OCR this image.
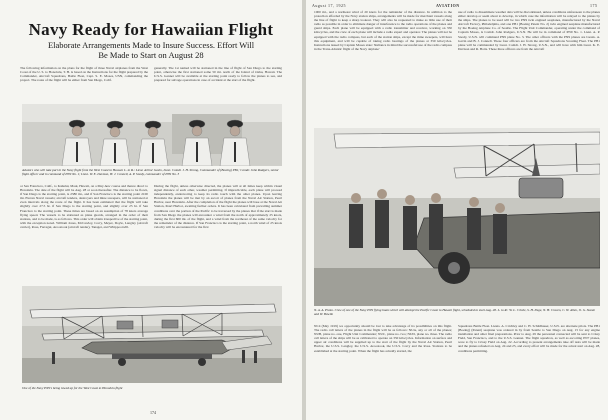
Navy Ready for Hawaiian Flight
Elaborate Arrangements Made to Insure Success. Effort Will
Be Made to Start on August 28
The following information on the plans for the flight of three Naval airplanes from the West Coast of the U. S. to Honolulu, T. H. is based on the Instructions for the flight prepared by the Commander, Aircraft Squadrons, Battle Fleet, Capt. S. E. Moses, USN, commanding the project. The route of the flight will be either from San Diego, Calif.
generally. The 1st named will be stationed in the line of flight of San Diego to the starting point, otherwise the first stationed some 50 mi. north of the Island of Oahu, Hawaii. The U.S.S. Gannet will be available at the starting point ready to follow the planes to sea, and prepared for salvage operations in case of accident at the start of the flight.
Aviators who will take part in the Navy flight from the West Coast to Hawaii. L. to R.: Lieut. Arthur Gavin, Lieut. Comdr. J. H. Strong, Commander of (Boeing) PB1; Comdr. John Rodgers, senior flight officer and in command of PN9 No. 1; Lieut. W. E. Davison, H. J. Connell, A. P. Snody, commander of PN9 No. 3
or San Francisco, Calif., to Kahului, Maui, Hawaii, on a May-hew course and thence direct to Honolulu. The date of the flight will be Aug. 28 or soon thereafter. The distance to be flown, if San Diego is the starting point, is 2380 mi., and if San Francisco is the starting point 2100 mi. Eleven Naval vessels; aircraft tenders, destroyers and mine sweepers, will be stationed at even intervals along the route of the flight. It has been estimated that the flight will take slightly over 27.5 hr. if San Diego is the starting point, and slightly over 25 hr. if San Francisco is the starting point. These times are based on an assumption of 78 knots average flying speed. The vessels to be stationed as plane guards, arranged in the order of their stations, and to be made, is as follows. This order will obtain irrespective of the starting point, with the exception noted. William Jones, McCawley, Corry, Meyer, Doyle, Langley (aircraft carrier), Ross, Farragut, Aroostook (aircraft tender), Tanager, and Whippoorwill.
During the flight, unless otherwise directed, the planes will at all times keep within visual signal distance of each other, weather permitting. If impracticable, each plane will proceed independently, endeavoring to keep its radio touch with the other planes. Upon leaving Honolulu the planes will be met by an escort of planes from the Naval Air Station, Pearl Harbor, near Honolulu. After the completion of the flight the planes will base at the Naval Air Station, Pearl Harbor, awaiting further orders. It has been calculated from prevailing summer conditions over the portion of the Pacific to be traversed by the planes that if the start is made from San Diego the planes will encounter a wind from the north of approximately 25 knots, during the first 600 mi. of the flight, and a wind from the northeast of the same velocity for the remainder of the distance. If San Francisco is the starting point, a north wind of 25 knots velocity will be encountered for the first
One of the Navy PN9's being towed up for the West Coast to Honolulu flight
174
August 17, 1925	AVIATION	175
1000 mi., and a northeast wind of 20 knots for the remainder of the distance. In addition to the protection afforded by the Navy station ships, arrangements will be made for merchant vessels along the line of flight to keep a sharp lookout. They will also be requested to make as little use of their radio as possible in order to eliminate danger of interference to the radio operations of the planes and guard ships. Each plane will be equipped with a radio transmitter and receiver, working on 350 kilocycles, and the crew of each plane will include a radio expert and operator. The planes will not be equipped with the radio compass, but each of the station ships, except the mine sweepers, will have this equipment, and will be capable of taking radio bearings of the planes at 350 kilocycles. Instructions issued by Captain Moses state: 'Reliance in mind the successful use of the radio compass in the Trans-Atlantic flight of the Navy airplane'
use of radio to disseminate weather data will be discontinued, unless conditions unforeseen to the planes either develop or seem about to develop, in which case the information will be relayed to the planes by the ships. The planes to be used will be two PN9 twin engined seaplanes, manufactured by the Naval Aircraft Factory, Philadelphia, and one PB1 (Boeing Patent No. 2) twin engined seaplane manufactured by the Boeing Airplane Co. of Seattle. The Flight Unit Commander, operating under the command of Captain Moses, is Comdr. John Rodgers, U.S.N. He will be in command of PN9 No. 1. Lieut. A. P. Snody, U.S.N. will command PN9 plane No. 3. The other officers with the PN9 planes are Lieuts. A. Gavin and B. J. Connell. These four officers are from the Aircraft Squadrons Scouting Fleet. The PB1 plane will be commanded by Lieut. Comdr. J. H. Strong, U.S.N., and will have with him Lieut. K. E. Davison and R. Botts. These three officers are from the Aircraft
N. A. A. Photo. Crew of one of the Navy PN9 flying boats which will attempt the Pacific Coast to Hawaii flight, scheduled to start Aug. 28. L. to R.: W. L. Crisbe, S. H. Page, N. H. Craven, C. W. Allen, O. G. Stantz and W. Bowlin
NC4 (May 1919) we opportunity should be lost to take advantage of its possibilities on this flight. The radio call letters of the planes in the flight will be as follows: NUA, any or all of the planes; NUB, plane no. one, Flight Unit Commander; NUC, plane no. two; NUD, plane no. three. The radio call letters of the ships will be as calibrated to operate on 350 kilocycles. Information on surface and upper air conditions will be supplied up to the start of the flight by the Naval Air Station, Pearl Harbor, the U.S.S. Langley, the U.S.S. Aroostook, the U.S.S. Corry and the Ross. Stations to be established at the starting point. When the flight has actually started, the
Squadrons Battle Fleet. Lieuts. A. Crichley and C. H. Schildhauer, U.S.N. are alternate pilots. The PB1 (Boeing) (Patent) seaplane was ordered in by from Seattle to San Diego on Aug. 15 for any engine installation and other final preparations. Prior to Aug. 29 the personnel connected will be sent to Crissy Field, San Francisco, and to the U.S.S. Gannet. The flight squadron, as well as escorting PN7 planes, were to fly to Crissy Field on Aug. 22. According to present arrangements take off tests will be made and the planes refueled on Aug. 24 and 25, and every effort will be made for the actual start on Aug. 28, conditions permitting.
